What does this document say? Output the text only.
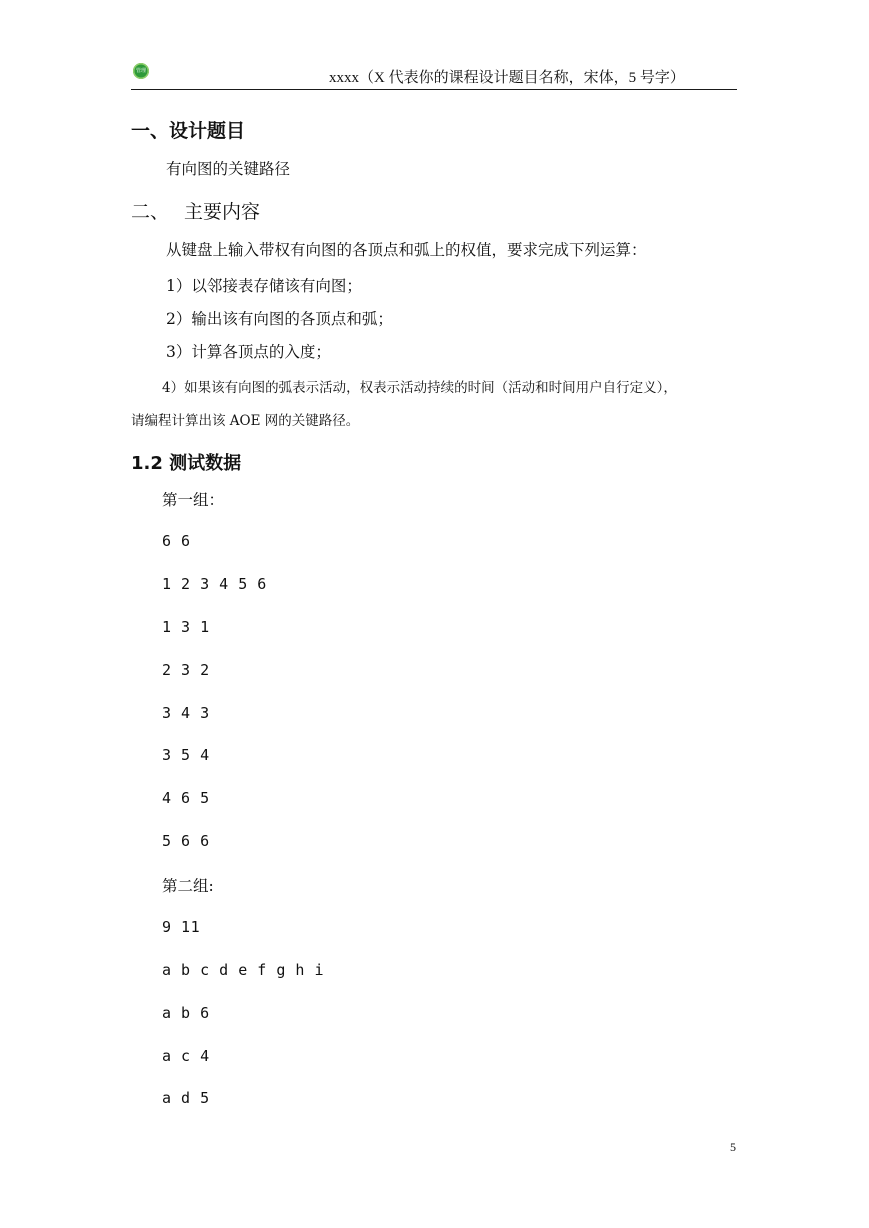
管理	xxxx（X 代表你的课程设计题目名称，宋体，5 号字）
一、设计题目
有向图的关键路径
二、 主要内容
从键盘上输入带权有向图的各顶点和弧上的权值，要求完成下列运算：
1）以邻接表存储该有向图；
2）输出该有向图的各顶点和弧；
3）计算各顶点的入度；
4）如果该有向图的弧表示活动，权表示活动持续的时间（活动和时间用户自行定义），
请编程计算出该 AOE 网的关键路径。
1.2 测试数据
第一组：
6 6
1 2 3 4 5 6
1 3 1
2 3 2
3 4 3
3 5 4
4 6 5
5 6 6
第二组:
9 11
a b c d e f g h i
a b 6
a c 4
a d 5
5
